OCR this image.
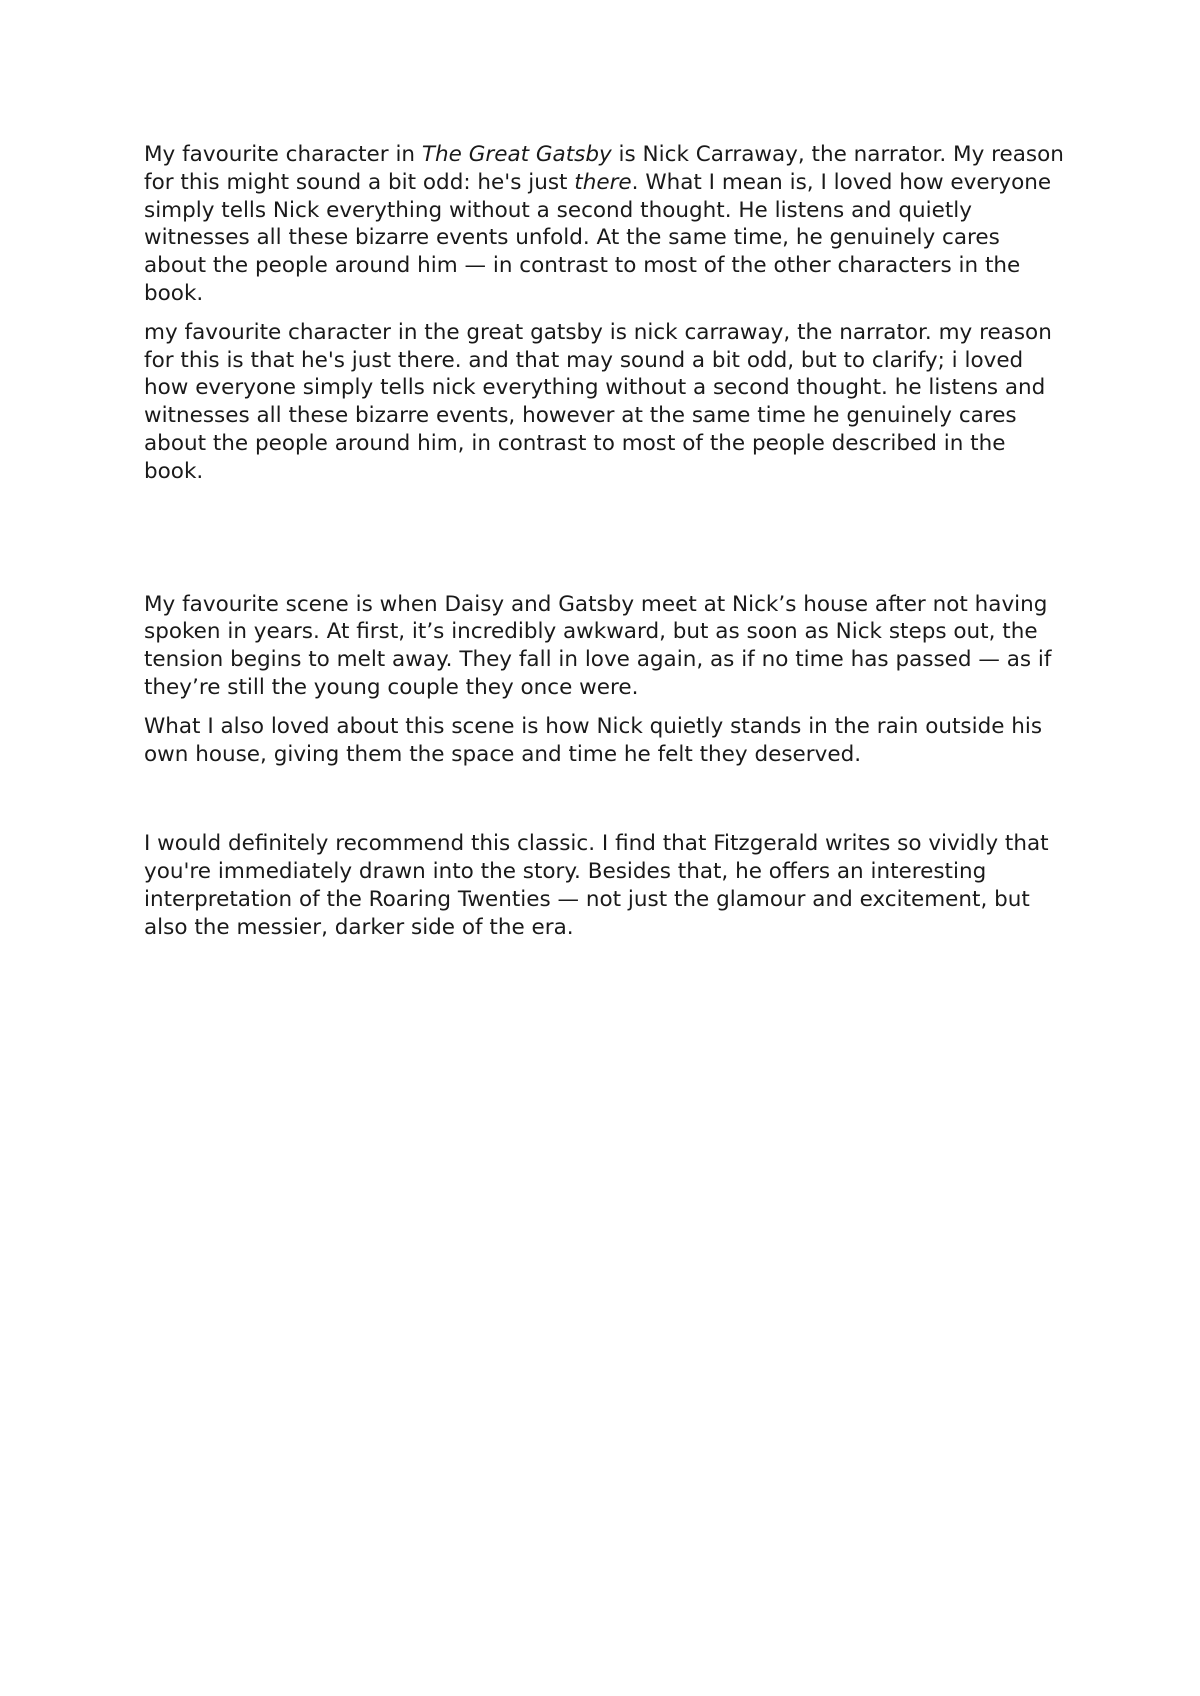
My favourite character in The Great Gatsby is Nick Carraway, the narrator. My reason for this might sound a bit odd: he's just there. What I mean is, I loved how everyone simply tells Nick everything without a second thought. He listens and quietly witnesses all these bizarre events unfold. At the same time, he genuinely cares about the people around him — in contrast to most of the other characters in the book.

my favourite character in the great gatsby is nick carraway, the narrator. my reason for this is that he's just there. and that may sound a bit odd, but to clarify; i loved how everyone simply tells nick everything without a second thought. he listens and witnesses all these bizarre events, however at the same time he genuinely cares about the people around him, in contrast to most of the people described in the book.

My favourite scene is when Daisy and Gatsby meet at Nick’s house after not having spoken in years. At first, it’s incredibly awkward, but as soon as Nick steps out, the tension begins to melt away. They fall in love again, as if no time has passed — as if they’re still the young couple they once were.

What I also loved about this scene is how Nick quietly stands in the rain outside his own house, giving them the space and time he felt they deserved.

I would definitely recommend this classic. I find that Fitzgerald writes so vividly that you're immediately drawn into the story. Besides that, he offers an interesting interpretation of the Roaring Twenties — not just the glamour and excitement, but also the messier, darker side of the era.
